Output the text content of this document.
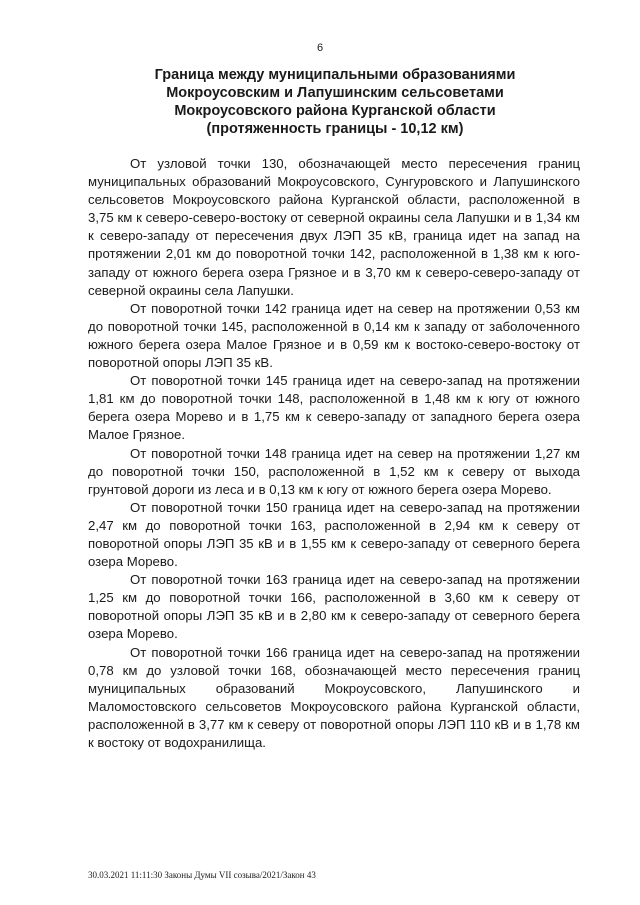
6
Граница между муниципальными образованиями
Мокроусовским и Лапушинским сельсоветами
Мокроусовского района Курганской области
(протяженность границы - 10,12 км)

От узловой точки 130, обозначающей место пересечения границ муниципальных образований Мокроусовского, Сунгуровского и Лапушинского сельсоветов Мокроусовского района Курганской области, расположенной в 3,75 км к северо-северо-востоку от северной окраины села Лапушки и в 1,34 км к северо-западу от пересечения двух ЛЭП 35 кВ, граница идет на запад на протяжении 2,01 км до поворотной точки 142, расположенной в 1,38 км к юго-западу от южного берега озера Грязное и в 3,70 км к северо-северо-западу от северной окраины села Лапушки.

От поворотной точки 142 граница идет на север на протяжении 0,53 км до поворотной точки 145, расположенной в 0,14 км к западу от заболоченного южного берега озера Малое Грязное и в 0,59 км к востоко-северо-востоку от поворотной опоры ЛЭП 35 кВ.

От поворотной точки 145 граница идет на северо-запад на протяжении 1,81 км до поворотной точки 148, расположенной в 1,48 км к югу от южного берега озера Морево и в 1,75 км к северо-западу от западного берега озера Малое Грязное.

От поворотной точки 148 граница идет на север на протяжении 1,27 км до поворотной точки 150, расположенной в 1,52 км к северу от выхода грунтовой дороги из леса и в 0,13 км к югу от южного берега озера Морево.

От поворотной точки 150 граница идет на северо-запад на протяжении 2,47 км до поворотной точки 163, расположенной в 2,94 км к северу от поворотной опоры ЛЭП 35 кВ и в 1,55 км к северо-западу от северного берега озера Морево.

От поворотной точки 163 граница идет на северо-запад на протяжении 1,25 км до поворотной точки 166, расположенной в 3,60 км к северу от поворотной опоры ЛЭП 35 кВ и в 2,80 км к северо-западу от северного берега озера Морево.

От поворотной точки 166 граница идет на северо-запад на протяжении 0,78 км до узловой точки 168, обозначающей место пересечения границ муниципальных образований Мокроусовского, Лапушинского и Маломостовского сельсоветов Мокроусовского района Курганской области, расположенной в 3,77 км к северу от поворотной опоры ЛЭП 110 кВ и в 1,78 км к востоку от водохранилища.

30.03.2021 11:11:30 Законы Думы VII созыва/2021/Закон 43
